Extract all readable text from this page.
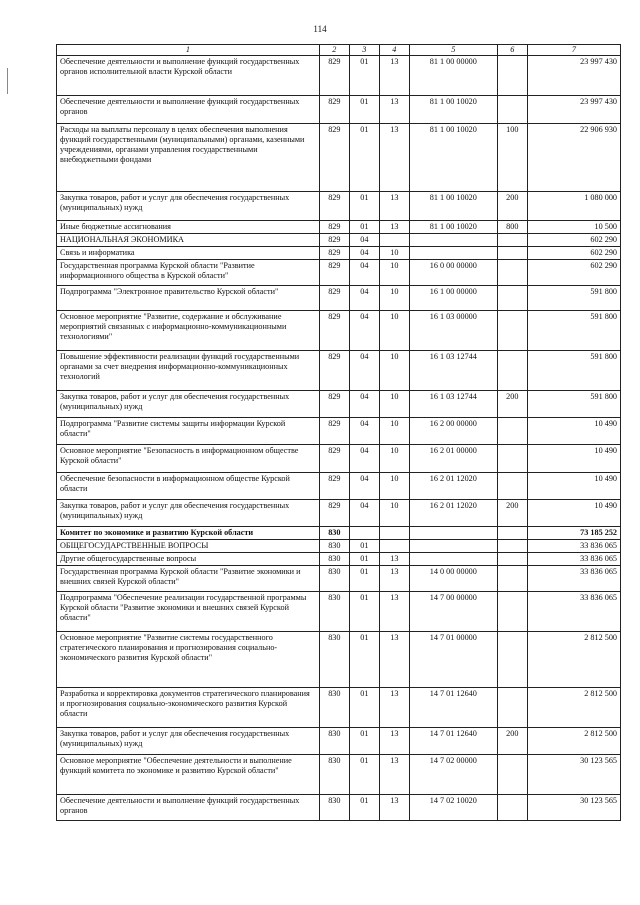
114
1	2	3	4	5	6	7
Обеспечение деятельности и выполнение функций государственных органов исполнительной власти Курской области	829	01	13	81 1 00 00000		23 997 430
Обеспечение деятельности и выполнение функций государственных органов	829	01	13	81 1 00 10020		23 997 430
Расходы на выплаты персоналу в целях обеспечения выполнения функций государственными (муниципальными) органами, казенными учреждениями, органами управления государственными внебюджетными фондами	829	01	13	81 1 00 10020	100	22 906 930
Закупка товаров, работ и услуг для обеспечения государственных (муниципальных) нужд	829	01	13	81 1 00 10020	200	1 080 000
Иные бюджетные ассигнования	829	01	13	81 1 00 10020	800	10 500
НАЦИОНАЛЬНАЯ ЭКОНОМИКА	829	04				602 290
Связь и информатика	829	04	10			602 290
Государственная программа Курской области "Развитие информационного общества в Курской области"	829	04	10	16 0 00 00000		602 290
Подпрограмма "Электронное правительство Курской области"	829	04	10	16 1 00 00000		591 800
Основное мероприятие "Развитие, содержание и обслуживание мероприятий связанных с информационно-коммуникационными технологиями"	829	04	10	16 1 03 00000		591 800
Повышение эффективности реализации функций государственными органами за счет внедрения информационно-коммуникационных технологий	829	04	10	16 1 03 12744		591 800
Закупка товаров, работ и услуг для обеспечения государственных (муниципальных) нужд	829	04	10	16 1 03 12744	200	591 800
Подпрограмма "Развитие системы защиты информации Курской области"	829	04	10	16 2 00 00000		10 490
Основное мероприятие "Безопасность в информационном обществе Курской области"	829	04	10	16 2 01 00000		10 490
Обеспечение безопасности в информационном обществе Курской области	829	04	10	16 2 01 12020		10 490
Закупка товаров, работ и услуг для обеспечения государственных (муниципальных) нужд	829	04	10	16 2 01 12020	200	10 490
Комитет по экономике и развитию Курской области	830					73 185 252
ОБЩЕГОСУДАРСТВЕННЫЕ ВОПРОСЫ	830	01				33 836 065
Другие общегосударственные вопросы	830	01	13			33 836 065
Государственная программа Курской области "Развитие экономики и внешних связей Курской области"	830	01	13	14 0 00 00000		33 836 065
Подпрограмма "Обеспечение реализации государственной программы Курской области "Развитие экономики и внешних связей Курской области"	830	01	13	14 7 00 00000		33 836 065
Основное мероприятие "Развитие системы государственного стратегического планирования и прогнозирования социально-экономического развития Курской области"	830	01	13	14 7 01 00000		2 812 500
Разработка и корректировка документов стратегического планирования и прогнозирования социально-экономического развития Курской области	830	01	13	14 7 01 12640		2 812 500
Закупка товаров, работ и услуг для обеспечения государственных (муниципальных) нужд	830	01	13	14 7 01 12640	200	2 812 500
Основное мероприятие "Обеспечение деятельности и выполнение функций комитета по экономике и развитию Курской области"	830	01	13	14 7 02 00000		30 123 565
Обеспечение деятельности и выполнение функций государственных органов	830	01	13	14 7 02 10020		30 123 565
